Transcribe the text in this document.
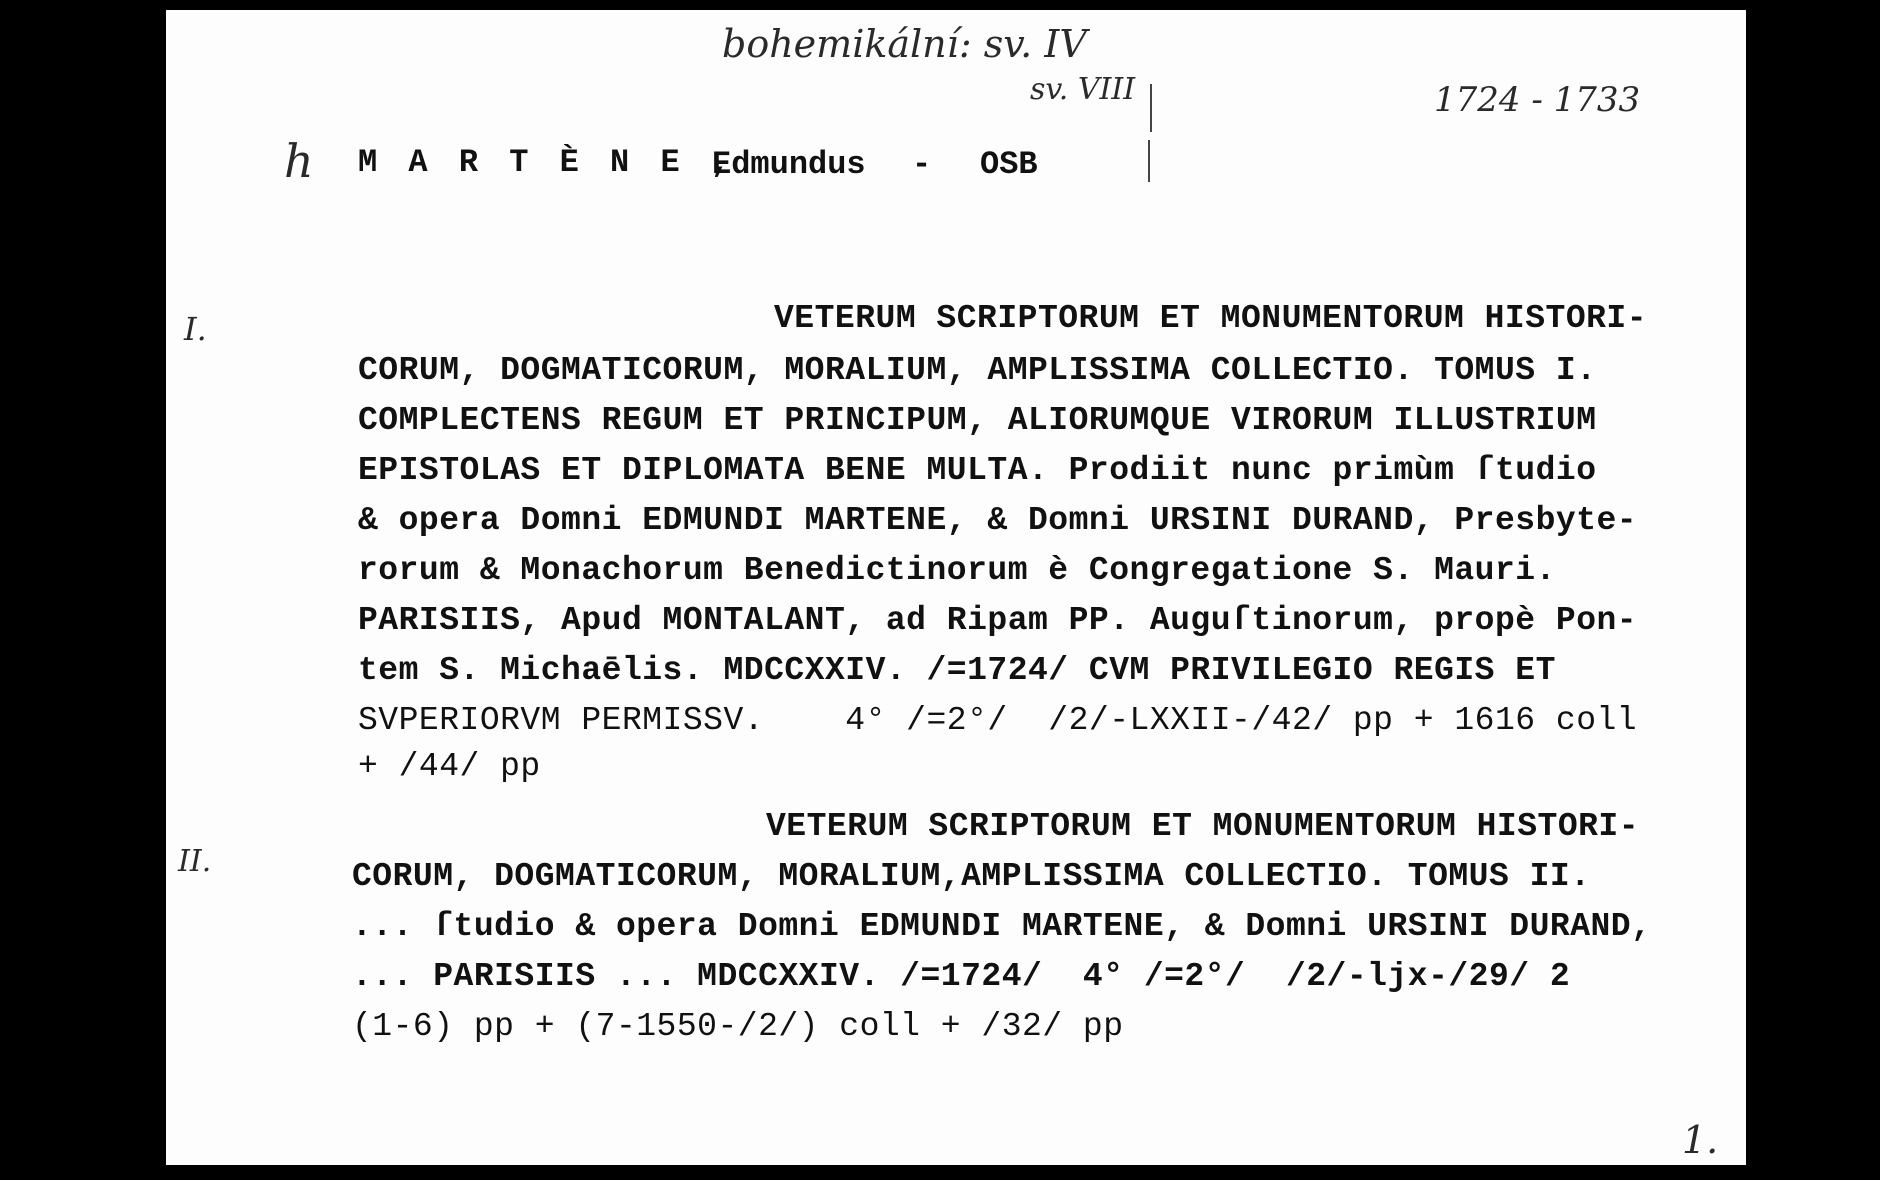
bohemikální: sv. IV
sv. VIII	1724 - 1733
h
I.
II.
1.
M A R T È N E ,
Edmundus - OSB
VETERUM SCRIPTORUM ET MONUMENTORUM HISTORI-
CORUM, DOGMATICORUM, MORALIUM, AMPLISSIMA COLLECTIO. TOMUS I.
COMPLECTENS REGUM ET PRINCIPUM, ALIORUMQUE VIRORUM ILLUSTRIUM
EPISTOLAS ET DIPLOMATA BENE MULTA. Prodiit nunc primùm ſtudio
& opera Domni EDMUNDI MARTENE, & Domni URSINI DURAND, Presbyte-
rorum & Monachorum Benedictinorum è Congregatione S. Mauri.
PARISIIS, Apud MONTALANT, ad Ripam PP. Auguſtinorum, propè Pon-
tem S. Michaēlis. MDCCXXIV. /=1724/ CVM PRIVILEGIO REGIS ET
SVPERIORVM PERMISSV.    4° /=2°/  /2/-LXXII-/42/ pp + 1616 coll
+ /44/ pp
VETERUM SCRIPTORUM ET MONUMENTORUM HISTORI-
CORUM, DOGMATICORUM, MORALIUM,AMPLISSIMA COLLECTIO. TOMUS II.
... ſtudio & opera Domni EDMUNDI MARTENE, & Domni URSINI DURAND,
... PARISIIS ... MDCCXXIV. /=1724/  4° /=2°/  /2/-ljx-/29/ 2
(1-6) pp + (7-1550-/2/) coll + /32/ pp
